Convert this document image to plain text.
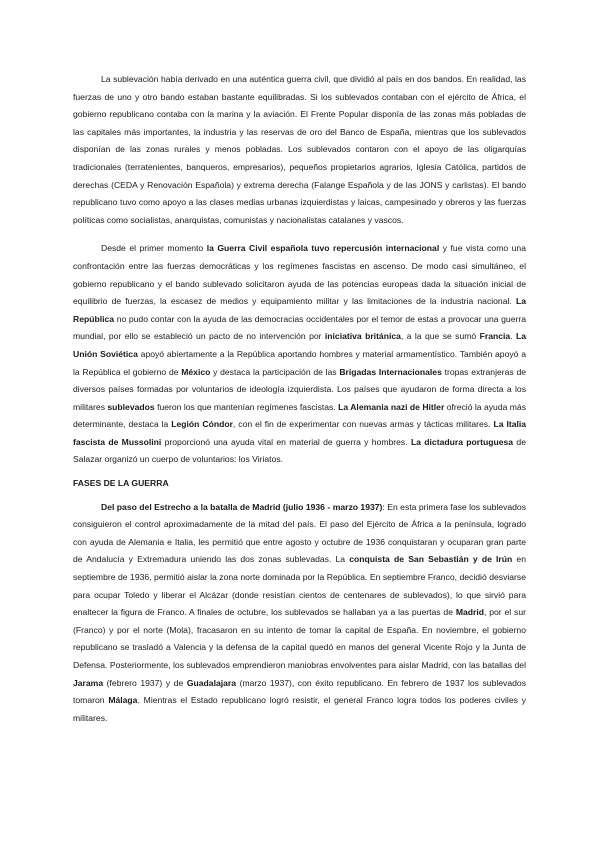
La sublevación había derivado en una auténtica guerra civil, que dividió al país en dos bandos. En realidad, las fuerzas de uno y otro bando estaban bastante equilibradas. Si los sublevados contaban con el ejército de África, el gobierno republicano contaba con la marina y la aviación. El Frente Popular disponía de las zonas más pobladas de las capitales más importantes, la industria y las reservas de oro del Banco de España, mientras que los sublevados disponían de las zonas rurales y menos pobladas. Los sublevados contaron con el apoyo de las oligarquías tradicionales (terratenientes, banqueros, empresarios), pequeños propietarios agrarios, Iglesia Católica, partidos de derechas (CEDA y Renovación Española) y extrema derecha (Falange Española y de las JONS y carlistas). El bando republicano tuvo como apoyo a las clases medias urbanas izquierdistas y laicas, campesinado y obreros y las fuerzas políticas como socialistas, anarquistas, comunistas y nacionalistas catalanes y vascos.

Desde el primer momento la Guerra Civil española tuvo repercusión internacional y fue vista como una confrontación entre las fuerzas democráticas y los regímenes fascistas en ascenso. De modo casi simultáneo, el gobierno republicano y el bando sublevado solicitaron ayuda de las potencias europeas dada la situación inicial de equilibrio de fuerzas, la escasez de medios y equipamiento militar y las limitaciones de la industria nacional. La República no pudo contar con la ayuda de las democracias occidentales por el temor de estas a provocar una guerra mundial, por ello se estableció un pacto de no intervención por iniciativa británica, a la que se sumó Francia. La Unión Soviética apoyó abiertamente a la República aportando hombres y material armamentístico. También apoyó a la República el gobierno de México y destaca la participación de las Brigadas Internacionales tropas extranjeras de diversos países formadas por voluntarios de ideología izquierdista. Los países que ayudaron de forma directa a los militares sublevados fueron los que mantenían regímenes fascistas. La Alemania nazi de Hitler ofreció la ayuda más determinante, destaca la Legión Cóndor, con el fin de experimentar con nuevas armas y tácticas militares. La Italia fascista de Mussolini proporcionó una ayuda vital en material de guerra y hombres. La dictadura portuguesa de Salazar organizó un cuerpo de voluntarios: los Viriatos.

FASES DE LA GUERRA

Del paso del Estrecho a la batalla de Madrid (julio 1936 - marzo 1937): En esta primera fase los sublevados consiguieron el control aproximadamente de la mitad del país. El paso del Ejército de África a la península, logrado con ayuda de Alemania e Italia, les permitió que entre agosto y octubre de 1936 conquistaran y ocuparan gran parte de Andalucía y Extremadura uniendo las dos zonas sublevadas. La conquista de San Sebastián y de Irún en septiembre de 1936, permitió aislar la zona norte dominada por la República. En septiembre Franco, decidió desviarse para ocupar Toledo y liberar el Alcázar (donde resistían cientos de centenares de sublevados), lo que sirvió para enaltecer la figura de Franco. A finales de octubre, los sublevados se hallaban ya a las puertas de Madrid, por el sur (Franco) y por el norte (Mola), fracasaron en su intento de tomar la capital de España. En noviembre, el gobierno republicano se trasladó a Valencia y la defensa de la capital quedó en manos del general Vicente Rojo y la Junta de Defensa. Posteriormente, los sublevados emprendieron maniobras envolventes para aislar Madrid, con las batallas del Jarama (febrero 1937) y de Guadalajara (marzo 1937), con éxito republicano. En febrero de 1937 los sublevados tomaron Málaga. Mientras el Estado republicano logró resistir, el general Franco logra todos los poderes civiles y militares.
